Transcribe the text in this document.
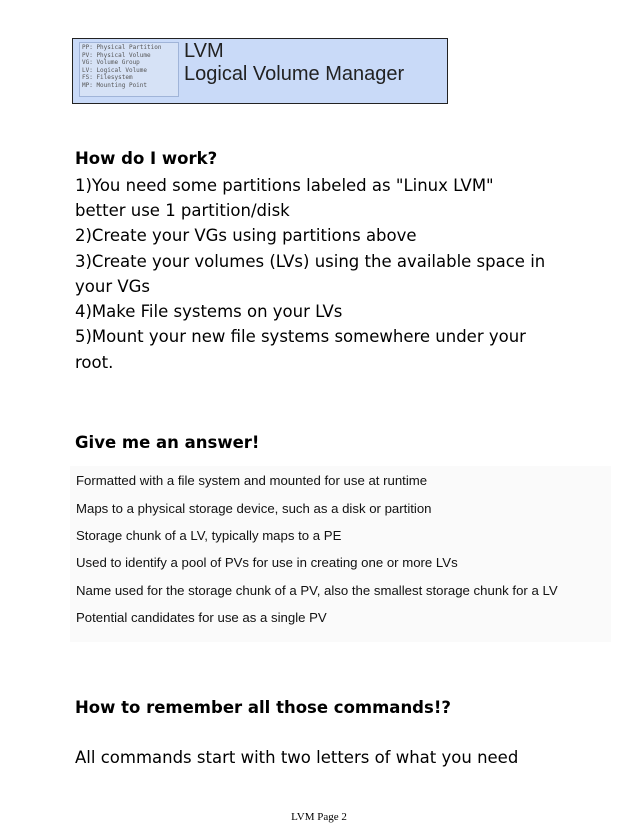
PP: Physical Partition
PV: Physical Volume
VG: Volume Group
LV: Logical Volume
FS: Filesystem
MP: Mounting Point
LVM
Logical Volume Manager
How do I work?
1)You need some partitions labeled as "Linux LVM"
better use 1 partition/disk
2)Create your VGs using partitions above
3)Create your volumes (LVs) using the available space in
your VGs
4)Make File systems on your LVs
5)Mount your new file systems somewhere under your
root.
Give me an answer!
Formatted with a file system and mounted for use at runtime
Maps to a physical storage device, such as a disk or partition
Storage chunk of a LV, typically maps to a PE
Used to identify a pool of PVs for use in creating one or more LVs
Name used for the storage chunk of a PV, also the smallest storage chunk for a LV
Potential candidates for use as a single PV
How to remember all those commands!?
All commands start with two letters of what you need
LVM Page 2
